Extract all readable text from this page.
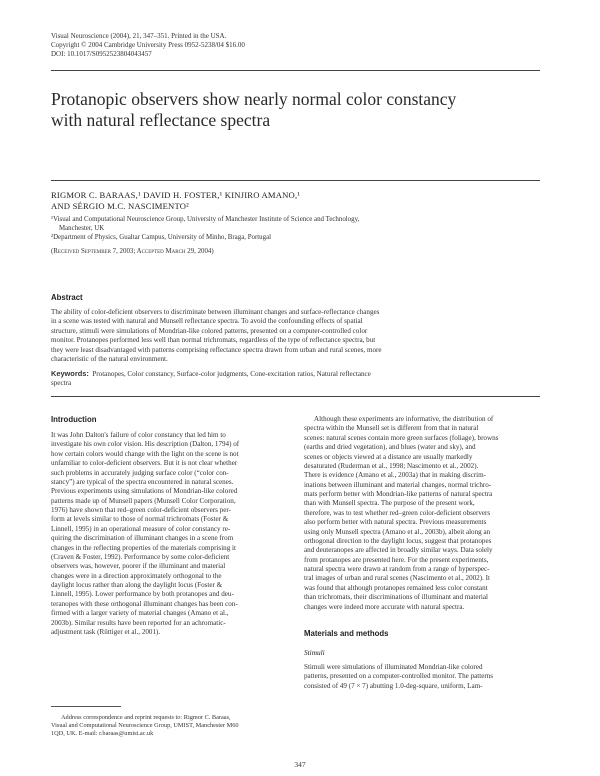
Visual Neuroscience (2004), 21, 347–351. Printed in the USA.
Copyright © 2004 Cambridge University Press 0952-5238/04 $16.00
DOI: 10.1017/S0952523804043457
Protanopic observers show nearly normal color constancy
with natural reflectance spectra
RIGMOR C. BARAAS,¹ DAVID H. FOSTER,¹ KINJIRO AMANO,¹
AND SÉRGIO M.C. NASCIMENTO²
¹Visual and Computational Neuroscience Group, University of Manchester Institute of Science and Technology,
Manchester, UK
²Department of Physics, Gualtar Campus, University of Minho, Braga, Portugal
(Received September 7, 2003; Accepted March 29, 2004)
Abstract
The ability of color-deficient observers to discriminate between illuminant changes and surface-reflectance changes
in a scene was tested with natural and Munsell reflectance spectra. To avoid the confounding effects of spatial
structure, stimuli were simulations of Mondrian-like colored patterns, presented on a computer-controlled color
monitor. Protanopes performed less well than normal trichromats, regardless of the type of reflectance spectra, but
they were least disadvantaged with patterns comprising reflectance spectra drawn from urban and rural scenes, more
characteristic of the natural environment.
Keywords: Protanopes, Color constancy, Surface-color judgments, Cone-excitation ratios, Natural reflectance
spectra
Introduction
It was John Dalton's failure of color constancy that led him to
investigate his own color vision. His description (Dalton, 1794) of
how certain colors would change with the light on the scene is not
unfamiliar to color-deficient observers. But it is not clear whether
such problems in accurately judging surface color (“color con-
stancy”) are typical of the spectra encountered in natural scenes.
Previous experiments using simulations of Mondrian-like colored
patterns made up of Munsell papers (Munsell Color Corporation,
1976) have shown that red–green color-deficient observers per-
form at levels similar to those of normal trichromats (Foster &
Linnell, 1995) in an operational measure of color constancy re-
quiring the discrimination of illuminant changes in a scene from
changes in the reflecting properties of the materials comprising it
(Craven & Foster, 1992). Performance by some color-deficient
observers was, however, poorer if the illuminant and material
changes were in a direction approximately orthogonal to the
daylight locus rather than along the daylight locus (Foster &
Linnell, 1995). Lower performance by both protanopes and deu-
teranopes with these orthogonal illuminant changes has been con-
firmed with a larger variety of material changes (Amano et al.,
2003b). Similar results have been reported for an achromatic-
adjustment task (Rüttiger et al., 2001).
Address correspondence and reprint requests to: Rigmor C. Baraas,
Visual and Computational Neuroscience Group, UMIST, Manchester M60
1QD, UK. E-mail: r.baraas@umist.ac.uk
Although these experiments are informative, the distribution of
spectra within the Munsell set is different from that in natural
scenes: natural scenes contain more green surfaces (foliage), browns
(earths and dried vegetation), and blues (water and sky), and
scenes or objects viewed at a distance are usually markedly
desaturated (Ruderman et al., 1998; Nascimento et al., 2002).
There is evidence (Amano et al., 2003a) that in making discrim-
inations between illuminant and material changes, normal trichro-
mats perform better with Mondrian-like patterns of natural spectra
than with Munsell spectra. The purpose of the present work,
therefore, was to test whether red–green color-deficient observers
also perform better with natural spectra. Previous measurements
using only Munsell spectra (Amano et al., 2003b), albeit along an
orthogonal direction to the daylight locus, suggest that protanopes
and deuteranopes are affected in broadly similar ways. Data solely
from protanopes are presented here. For the present experiments,
natural spectra were drawn at random from a range of hyperspec-
tral images of urban and rural scenes (Nascimento et al., 2002). It
was found that although protanopes remained less color constant
than trichromats, their discriminations of illuminant and material
changes were indeed more accurate with natural spectra.
Materials and methods
Stimuli
Stimuli were simulations of illuminated Mondrian-like colored
patterns, presented on a computer-controlled monitor. The patterns
consisted of 49 (7 × 7) abutting 1.0-deg-square, uniform, Lam-
347
